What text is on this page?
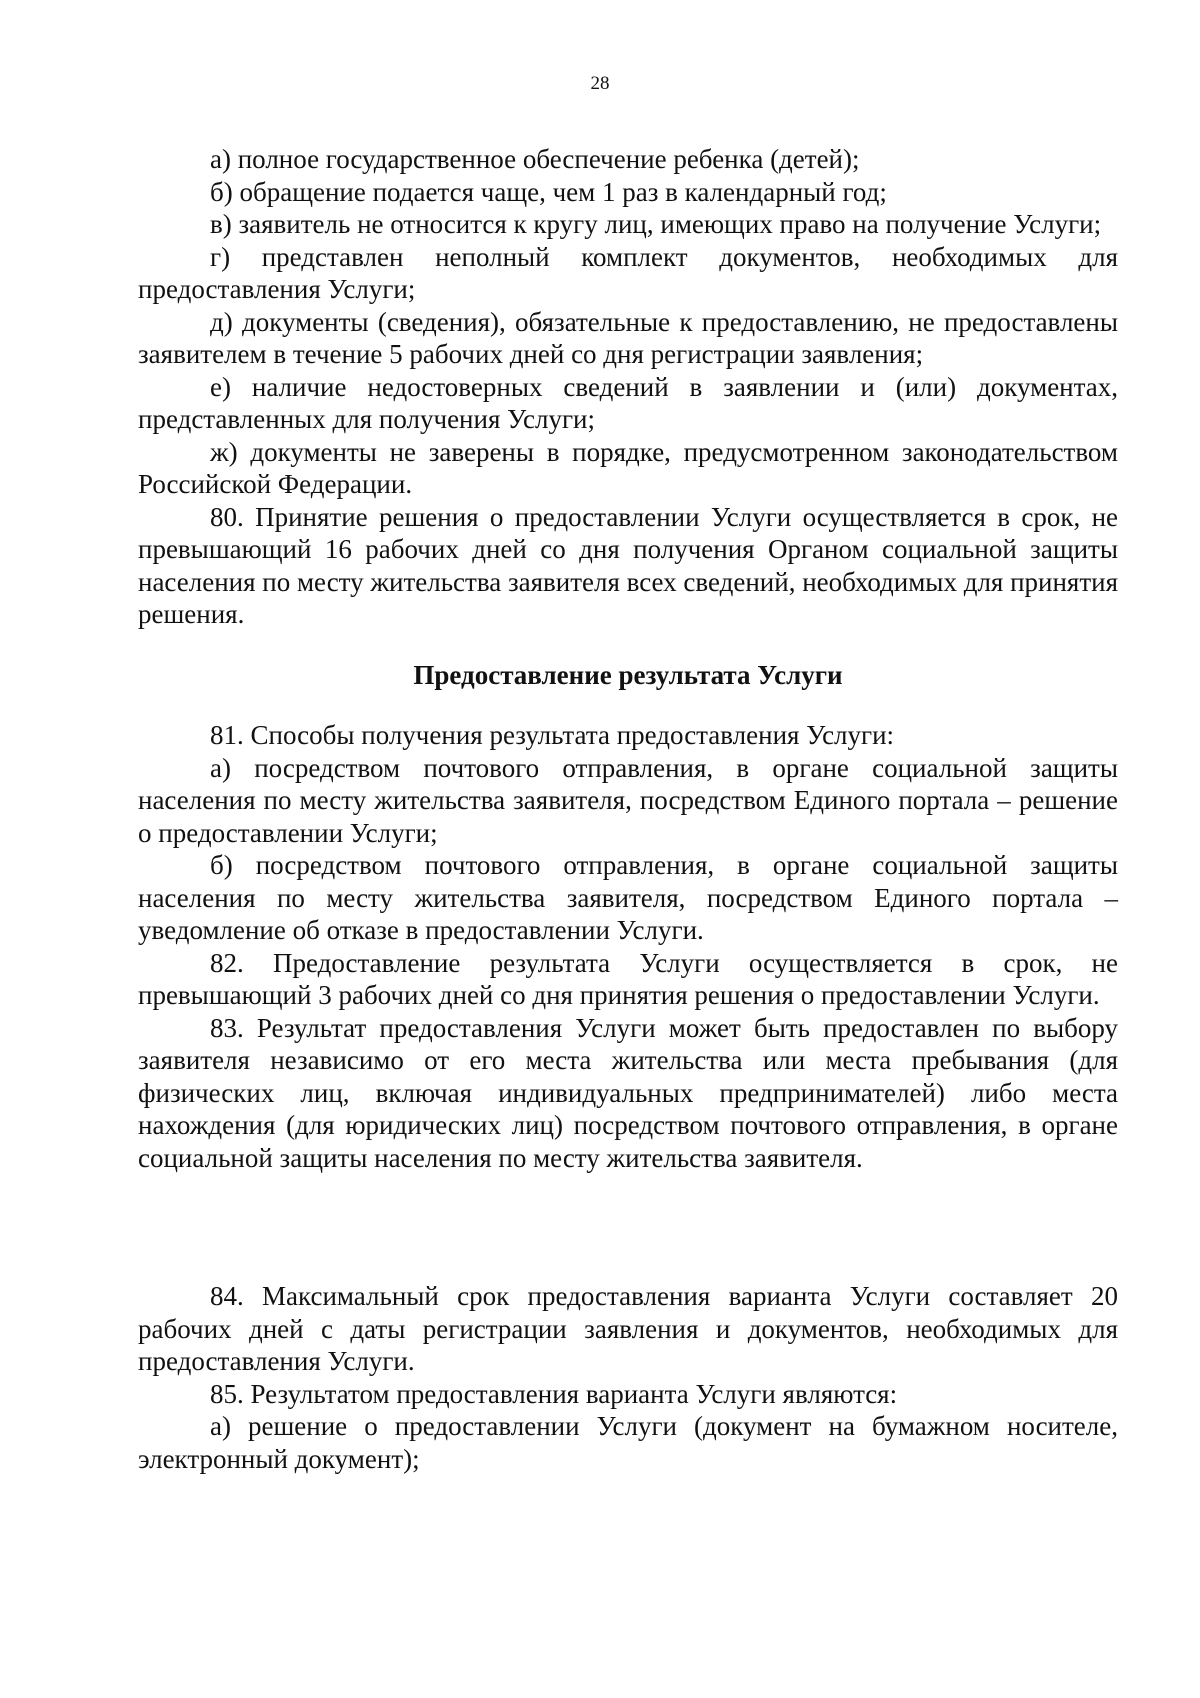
28

а) полное государственное обеспечение ребенка (детей);

б) обращение подается чаще, чем 1 раз в календарный год;

в) заявитель не относится к кругу лиц, имеющих право на получение Услуги;

г) представлен неполный комплект документов, необходимых для предоставления Услуги;

д) документы (сведения), обязательные к предоставлению, не предоставлены заявителем в течение 5 рабочих дней со дня регистрации заявления;

е) наличие недостоверных сведений в заявлении и (или) документах, представленных для получения Услуги;

ж) документы не заверены в порядке, предусмотренном законодательством Российской Федерации.

80. Принятие решения о предоставлении Услуги осуществляется в срок, не превышающий 16 рабочих дней со дня получения Органом социальной защиты населения по месту жительства заявителя всех сведений, необходимых для принятия решения.

Предоставление результата Услуги

81. Способы получения результата предоставления Услуги:

а) посредством почтового отправления, в органе социальной защиты населения по месту жительства заявителя, посредством Единого портала – решение о предоставлении Услуги;

б) посредством почтового отправления, в органе социальной защиты населения по месту жительства заявителя, посредством Единого портала – уведомление об отказе в предоставлении Услуги.

82. Предоставление результата Услуги осуществляется в срок, не превышающий 3 рабочих дней со дня принятия решения о предоставлении Услуги.

83. Результат предоставления Услуги может быть предоставлен по выбору заявителя независимо от его места жительства или места пребывания (для физических лиц, включая индивидуальных предпринимателей) либо места нахождения (для юридических лиц) посредством почтового отправления, в органе социальной защиты населения по месту жительства заявителя.

84. Максимальный срок предоставления варианта Услуги составляет 20 рабочих дней с даты регистрации заявления и документов, необходимых для предоставления Услуги.

85. Результатом предоставления варианта Услуги являются:

а) решение о предоставлении Услуги (документ на бумажном носителе, электронный документ);
